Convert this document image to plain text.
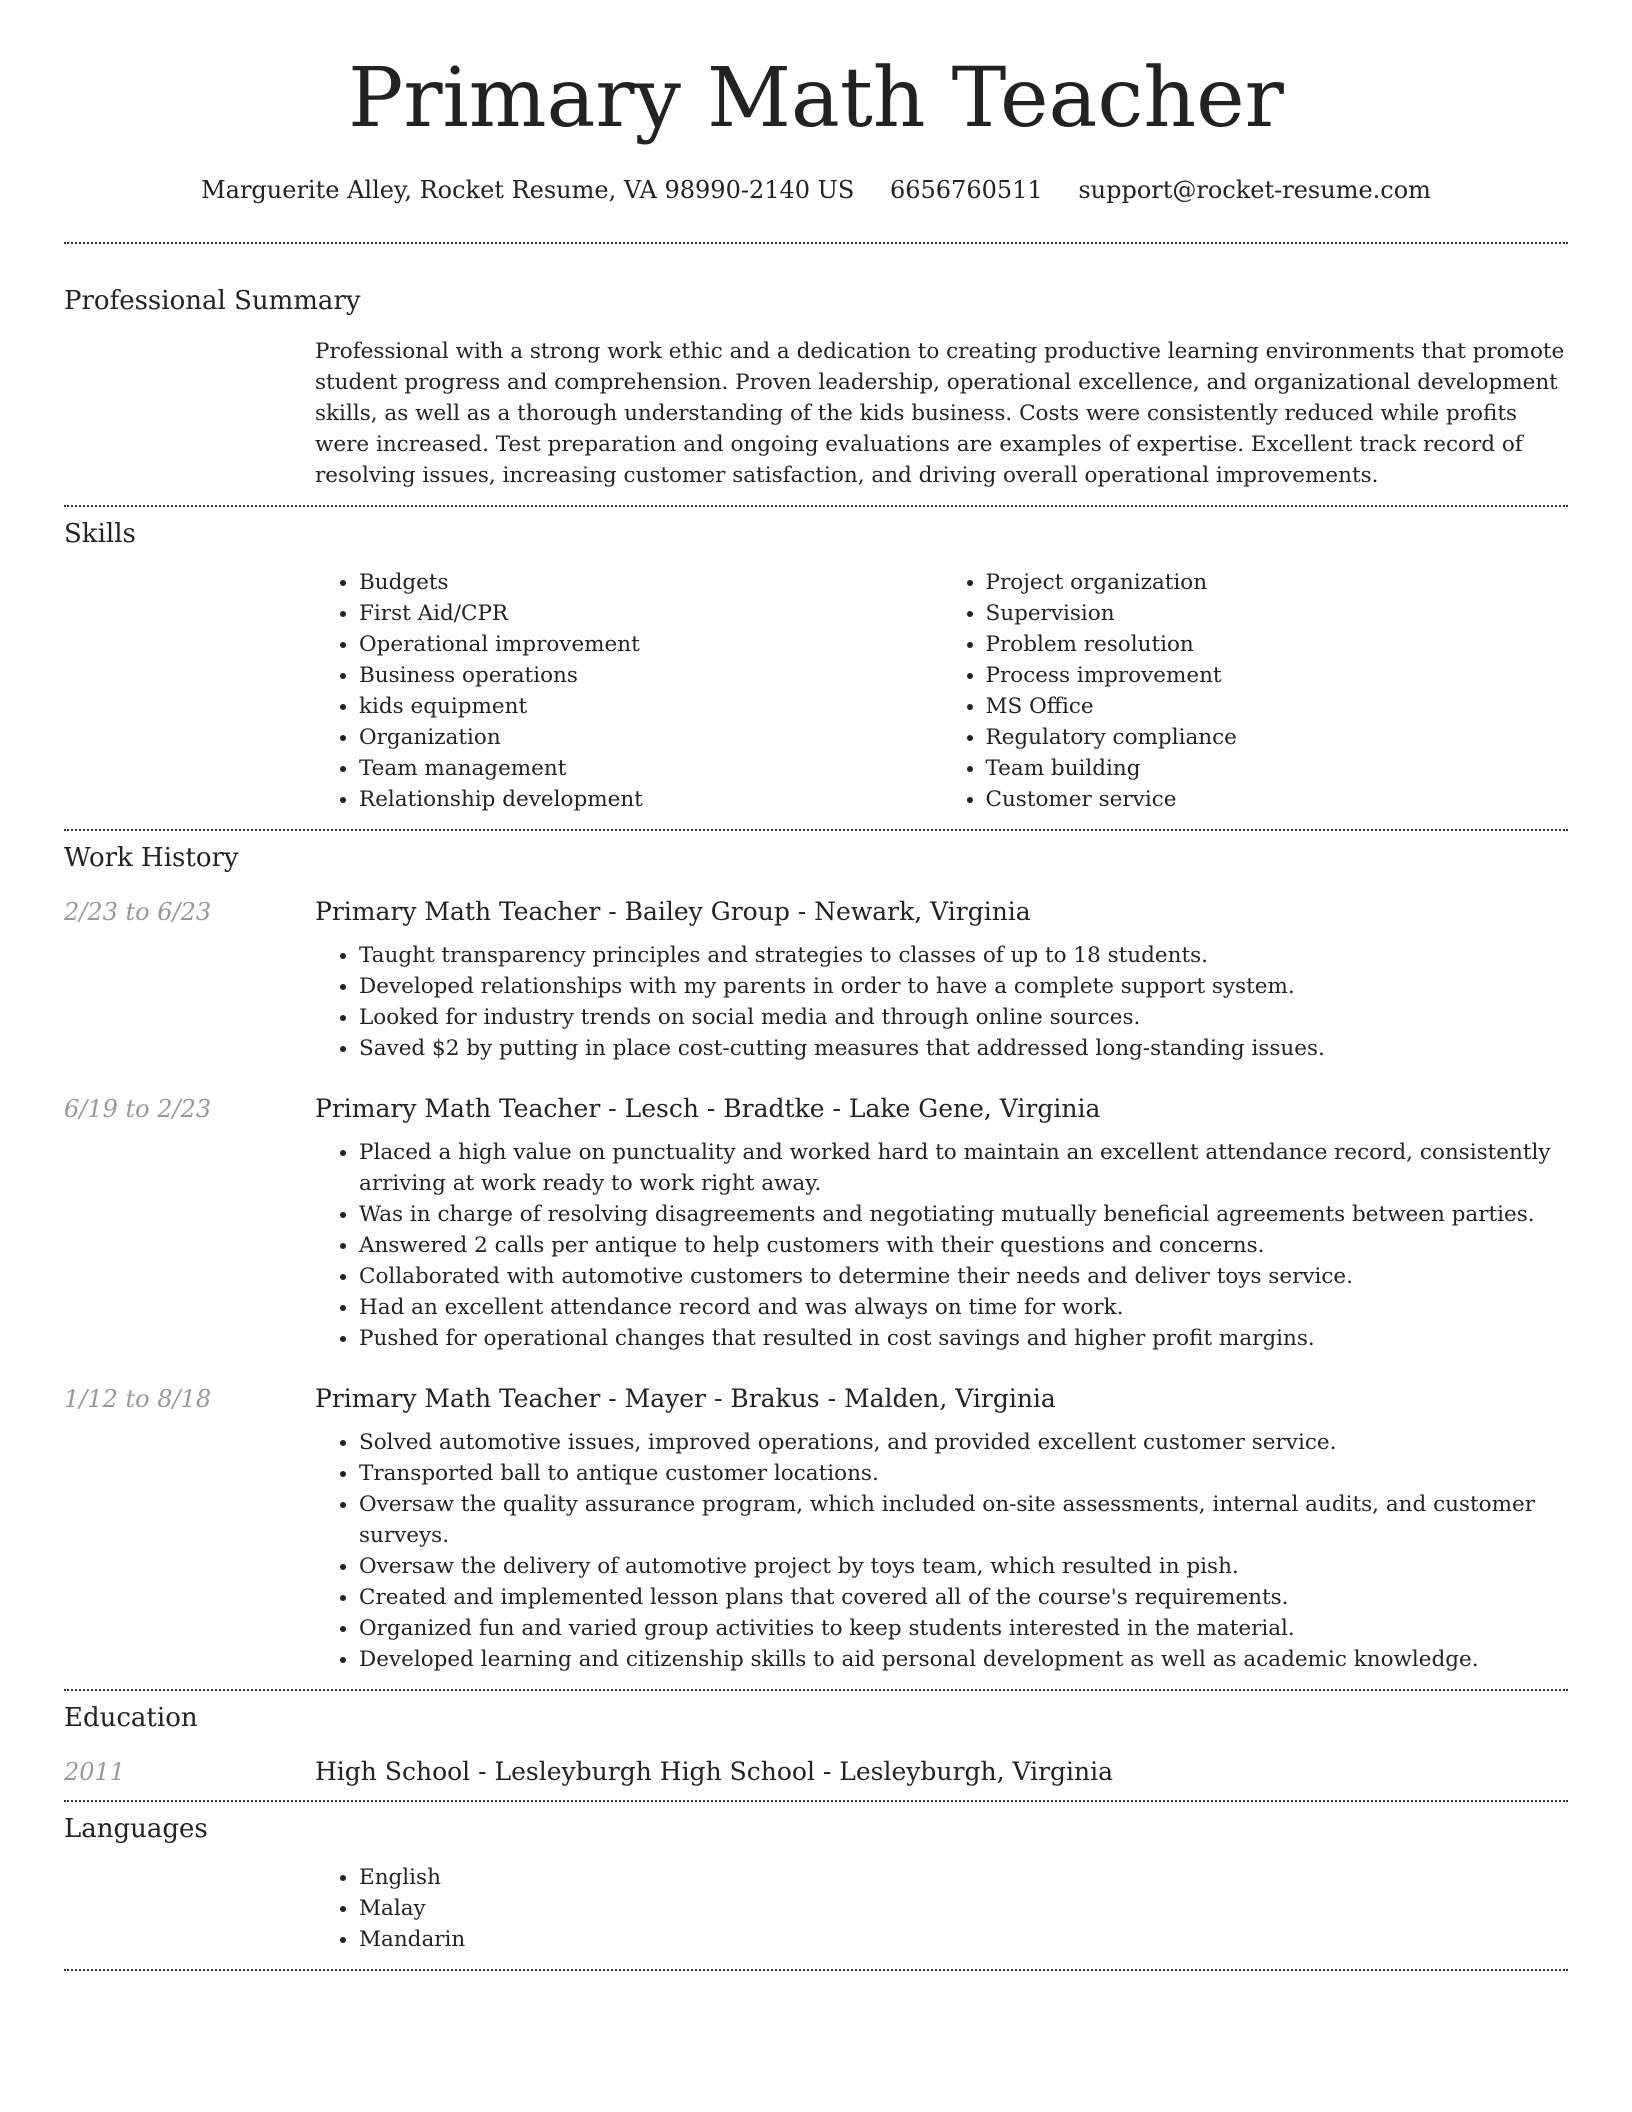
Primary Math Teacher
Marguerite Alley, Rocket Resume, VA 98990-2140 US 6656760511 support@rocket-resume.com
Professional Summary
Professional with a strong work ethic and a dedication to creating productive learning environments that promote student progress and comprehension. Proven leadership, operational excellence, and organizational development skills, as well as a thorough understanding of the kids business. Costs were consistently reduced while profits were increased. Test preparation and ongoing evaluations are examples of expertise. Excellent track record of resolving issues, increasing customer satisfaction, and driving overall operational improvements.
Skills
• Budgets
• First Aid/CPR
• Operational improvement
• Business operations
• kids equipment
• Organization
• Team management
• Relationship development
• Project organization
• Supervision
• Problem resolution
• Process improvement
• MS Office
• Regulatory compliance
• Team building
• Customer service
Work History
2/23 to 6/23	Primary Math Teacher - Bailey Group - Newark, Virginia
• Taught transparency principles and strategies to classes of up to 18 students.
• Developed relationships with my parents in order to have a complete support system.
• Looked for industry trends on social media and through online sources.
• Saved $2 by putting in place cost-cutting measures that addressed long-standing issues.
6/19 to 2/23	Primary Math Teacher - Lesch - Bradtke - Lake Gene, Virginia
• Placed a high value on punctuality and worked hard to maintain an excellent attendance record, consistently arriving at work ready to work right away.
• Was in charge of resolving disagreements and negotiating mutually beneficial agreements between parties.
• Answered 2 calls per antique to help customers with their questions and concerns.
• Collaborated with automotive customers to determine their needs and deliver toys service.
• Had an excellent attendance record and was always on time for work.
• Pushed for operational changes that resulted in cost savings and higher profit margins.
1/12 to 8/18	Primary Math Teacher - Mayer - Brakus - Malden, Virginia
• Solved automotive issues, improved operations, and provided excellent customer service.
• Transported ball to antique customer locations.
• Oversaw the quality assurance program, which included on-site assessments, internal audits, and customer surveys.
• Oversaw the delivery of automotive project by toys team, which resulted in pish.
• Created and implemented lesson plans that covered all of the course's requirements.
• Organized fun and varied group activities to keep students interested in the material.
• Developed learning and citizenship skills to aid personal development as well as academic knowledge.
Education
2011	High School - Lesleyburgh High School - Lesleyburgh, Virginia
Languages
• English
• Malay
• Mandarin
